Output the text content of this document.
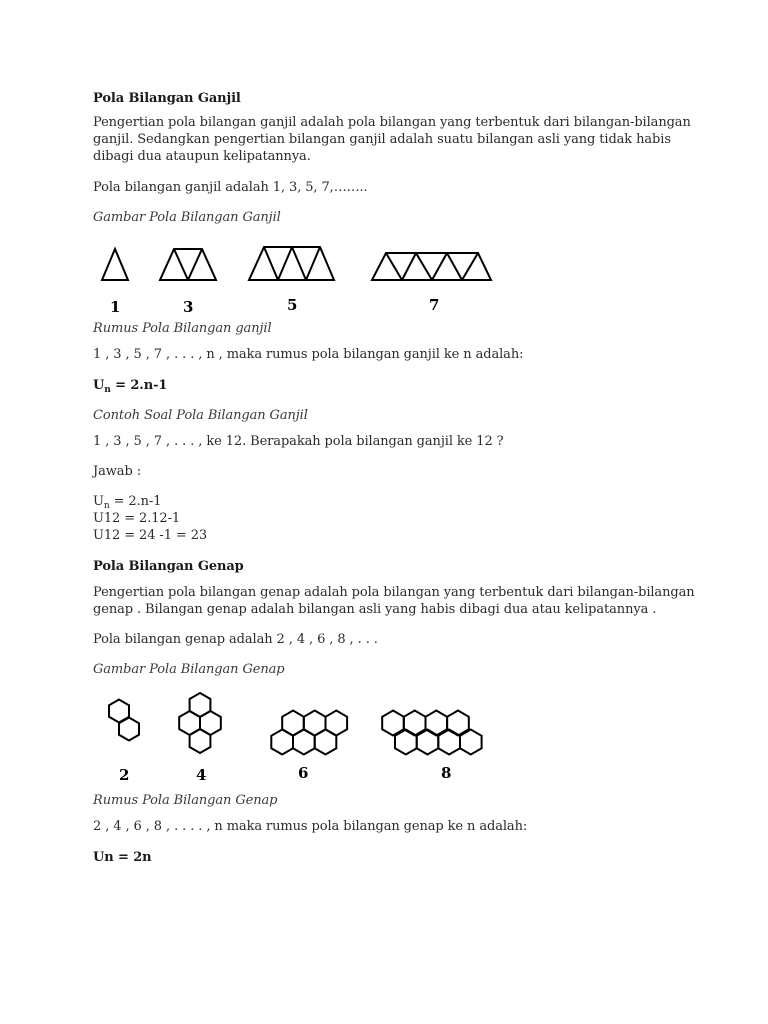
Pola Bilangan Ganjil
Pengertian pola bilangan ganjil adalah pola bilangan yang terbentuk dari bilangan-bilangan
ganjil. Sedangkan pengertian bilangan ganjil adalah suatu bilangan asli yang tidak habis
dibagi dua ataupun kelipatannya.
Pola bilangan ganjil adalah 1, 3, 5, 7,……..
Gambar Pola Bilangan Ganjil
1	3	5	7
Rumus Pola Bilangan ganjil
1 , 3 , 5 , 7 , . . . , n , maka rumus pola bilangan ganjil ke n adalah:
$U_n = 2.n-1$
Contoh Soal Pola Bilangan Ganjil
1 , 3 , 5 , 7 , . . . , ke 12. Berapakah pola bilangan ganjil ke 12 ?
Jawab :
$U_n = 2.n-1$
U12 = 2.12-1
U12 = 24 -1 = 23
Pola Bilangan Genap
Pengertian pola bilangan genap adalah pola bilangan yang terbentuk dari bilangan-bilangan
genap . Bilangan genap adalah bilangan asli yang habis dibagi dua atau kelipatannya .
Pola bilangan genap adalah 2 , 4 , 6 , 8 , . . .
Gambar Pola Bilangan Genap
2	4	6	8
Rumus Pola Bilangan Genap
2 , 4 , 6 , 8 , . . . . , n maka rumus pola bilangan genap ke n adalah:
Un = 2n
